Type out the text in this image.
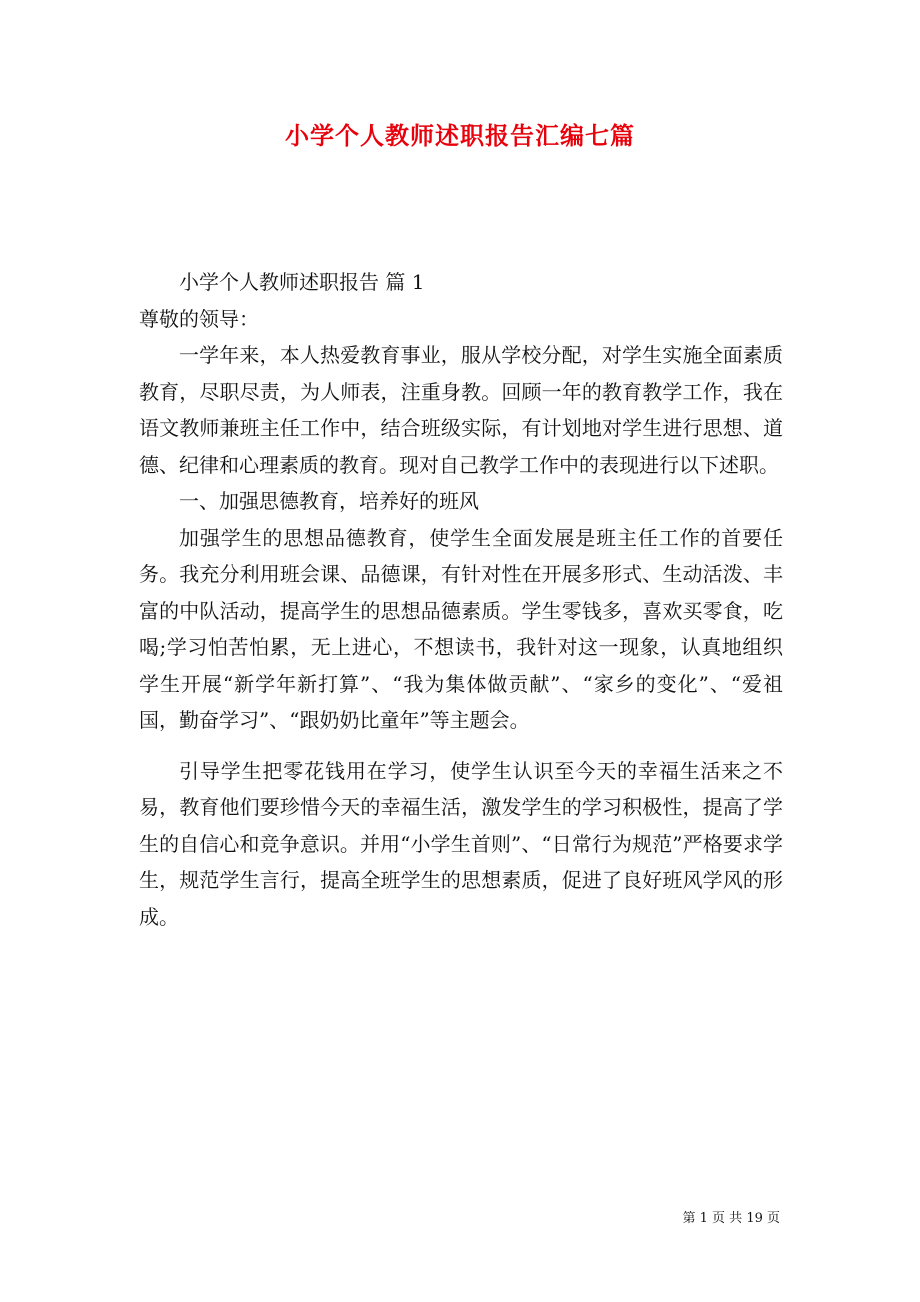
小学个人教师述职报告汇编七篇

小学个人教师述职报告 篇 1

尊敬的领导：

一学年来，本人热爱教育事业，服从学校分配，对学生实施全面素质教育，尽职尽责，为人师表，注重身教。回顾一年的教育教学工作，我在语文教师兼班主任工作中，结合班级实际，有计划地对学生进行思想、道德、纪律和心理素质的教育。现对自己教学工作中的表现进行以下述职。

一、加强思德教育，培养好的班风

加强学生的思想品德教育，使学生全面发展是班主任工作的首要任务。我充分利用班会课、品德课，有针对性在开展多形式、生动活泼、丰富的中队活动，提高学生的思想品德素质。学生零钱多，喜欢买零食，吃喝;学习怕苦怕累，无上进心，不想读书，我针对这一现象，认真地组织学生开展“新学年新打算”、“我为集体做贡献”、“家乡的变化”、“爱祖国，勤奋学习”、“跟奶奶比童年”等主题会。

引导学生把零花钱用在学习，使学生认识至今天的幸福生活来之不易，教育他们要珍惜今天的幸福生活，激发学生的学习积极性，提高了学生的自信心和竞争意识。并用“小学生首则”、“日常行为规范”严格要求学生，规范学生言行，提高全班学生的思想素质，促进了良好班风学风的形成。

第 1 页 共 19 页
